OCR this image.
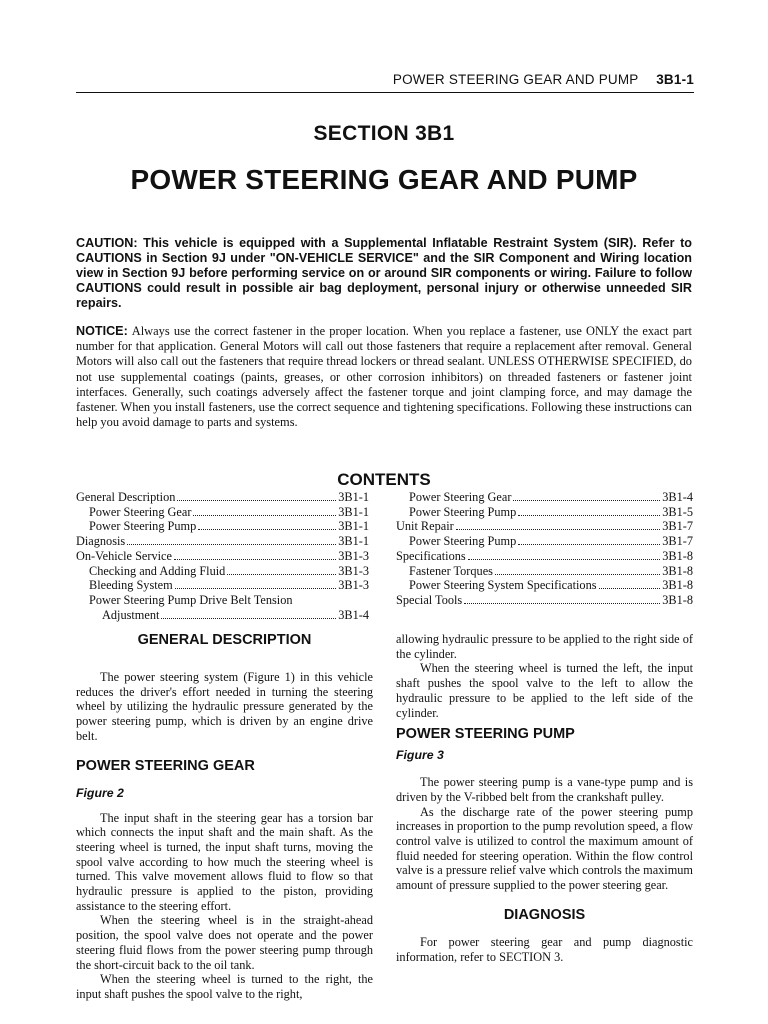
POWER STEERING GEAR AND PUMP 3B1-1
SECTION 3B1
POWER STEERING GEAR AND PUMP

CAUTION: This vehicle is equipped with a Supplemental Inflatable Restraint System (SIR). Refer to CAUTIONS in Section 9J under "ON-VEHICLE SERVICE" and the SIR Component and Wiring location view in Section 9J before performing service on or around SIR components or wiring. Failure to follow CAUTIONS could result in possible air bag deployment, personal injury or otherwise unneeded SIR repairs.

NOTICE: Always use the correct fastener in the proper location. When you replace a fastener, use ONLY the exact part number for that application. General Motors will call out those fasteners that require a replacement after removal. General Motors will also call out the fasteners that require thread lockers or thread sealant. UNLESS OTHERWISE SPECIFIED, do not use supplemental coatings (paints, greases, or other corrosion inhibitors) on threaded fasteners or fastener joint interfaces. Generally, such coatings adversely affect the fastener torque and joint clamping force, and may damage the fastener. When you install fasteners, use the correct sequence and tightening specifications. Following these instructions can help you avoid damage to parts and systems.

CONTENTS
General Description	3B1-1
Power Steering Gear	3B1-1
Power Steering Pump	3B1-1
Diagnosis	3B1-1
On-Vehicle Service	3B1-3
Checking and Adding Fluid	3B1-3
Bleeding System	3B1-3
Power Steering Pump Drive Belt Tension
Adjustment	3B1-4
Power Steering Gear	3B1-4
Power Steering Pump	3B1-5
Unit Repair	3B1-7
Power Steering Pump	3B1-7
Specifications	3B1-8
Fastener Torques	3B1-8
Power Steering System Specifications	3B1-8
Special Tools	3B1-8
GENERAL DESCRIPTION

The power steering system (Figure 1) in this vehicle reduces the driver's effort needed in turning the steering wheel by utilizing the hydraulic pressure generated by the power steering pump, which is driven by an engine drive belt.

POWER STEERING GEAR

Figure 2

The input shaft in the steering gear has a torsion bar which connects the input shaft and the main shaft. As the steering wheel is turned, the input shaft turns, moving the spool valve according to how much the steering wheel is turned. This valve movement allows fluid to flow so that hydraulic pressure is applied to the piston, providing assistance to the steering effort.

When the steering wheel is in the straight-ahead position, the spool valve does not operate and the power steering fluid flows from the power steering pump through the short-circuit back to the oil tank.

When the steering wheel is turned to the right, the input shaft pushes the spool valve to the right,

allowing hydraulic pressure to be applied to the right side of the cylinder.

When the steering wheel is turned the left, the input shaft pushes the spool valve to the left to allow the hydraulic pressure to be applied to the left side of the cylinder.

POWER STEERING PUMP

Figure 3

The power steering pump is a vane-type pump and is driven by the V-ribbed belt from the crankshaft pulley.

As the discharge rate of the power steering pump increases in proportion to the pump revolution speed, a flow control valve is utilized to control the maximum amount of fluid needed for steering operation. Within the flow control valve is a pressure relief valve which controls the maximum amount of pressure supplied to the power steering gear.

DIAGNOSIS

For power steering gear and pump diagnostic information, refer to SECTION 3.
